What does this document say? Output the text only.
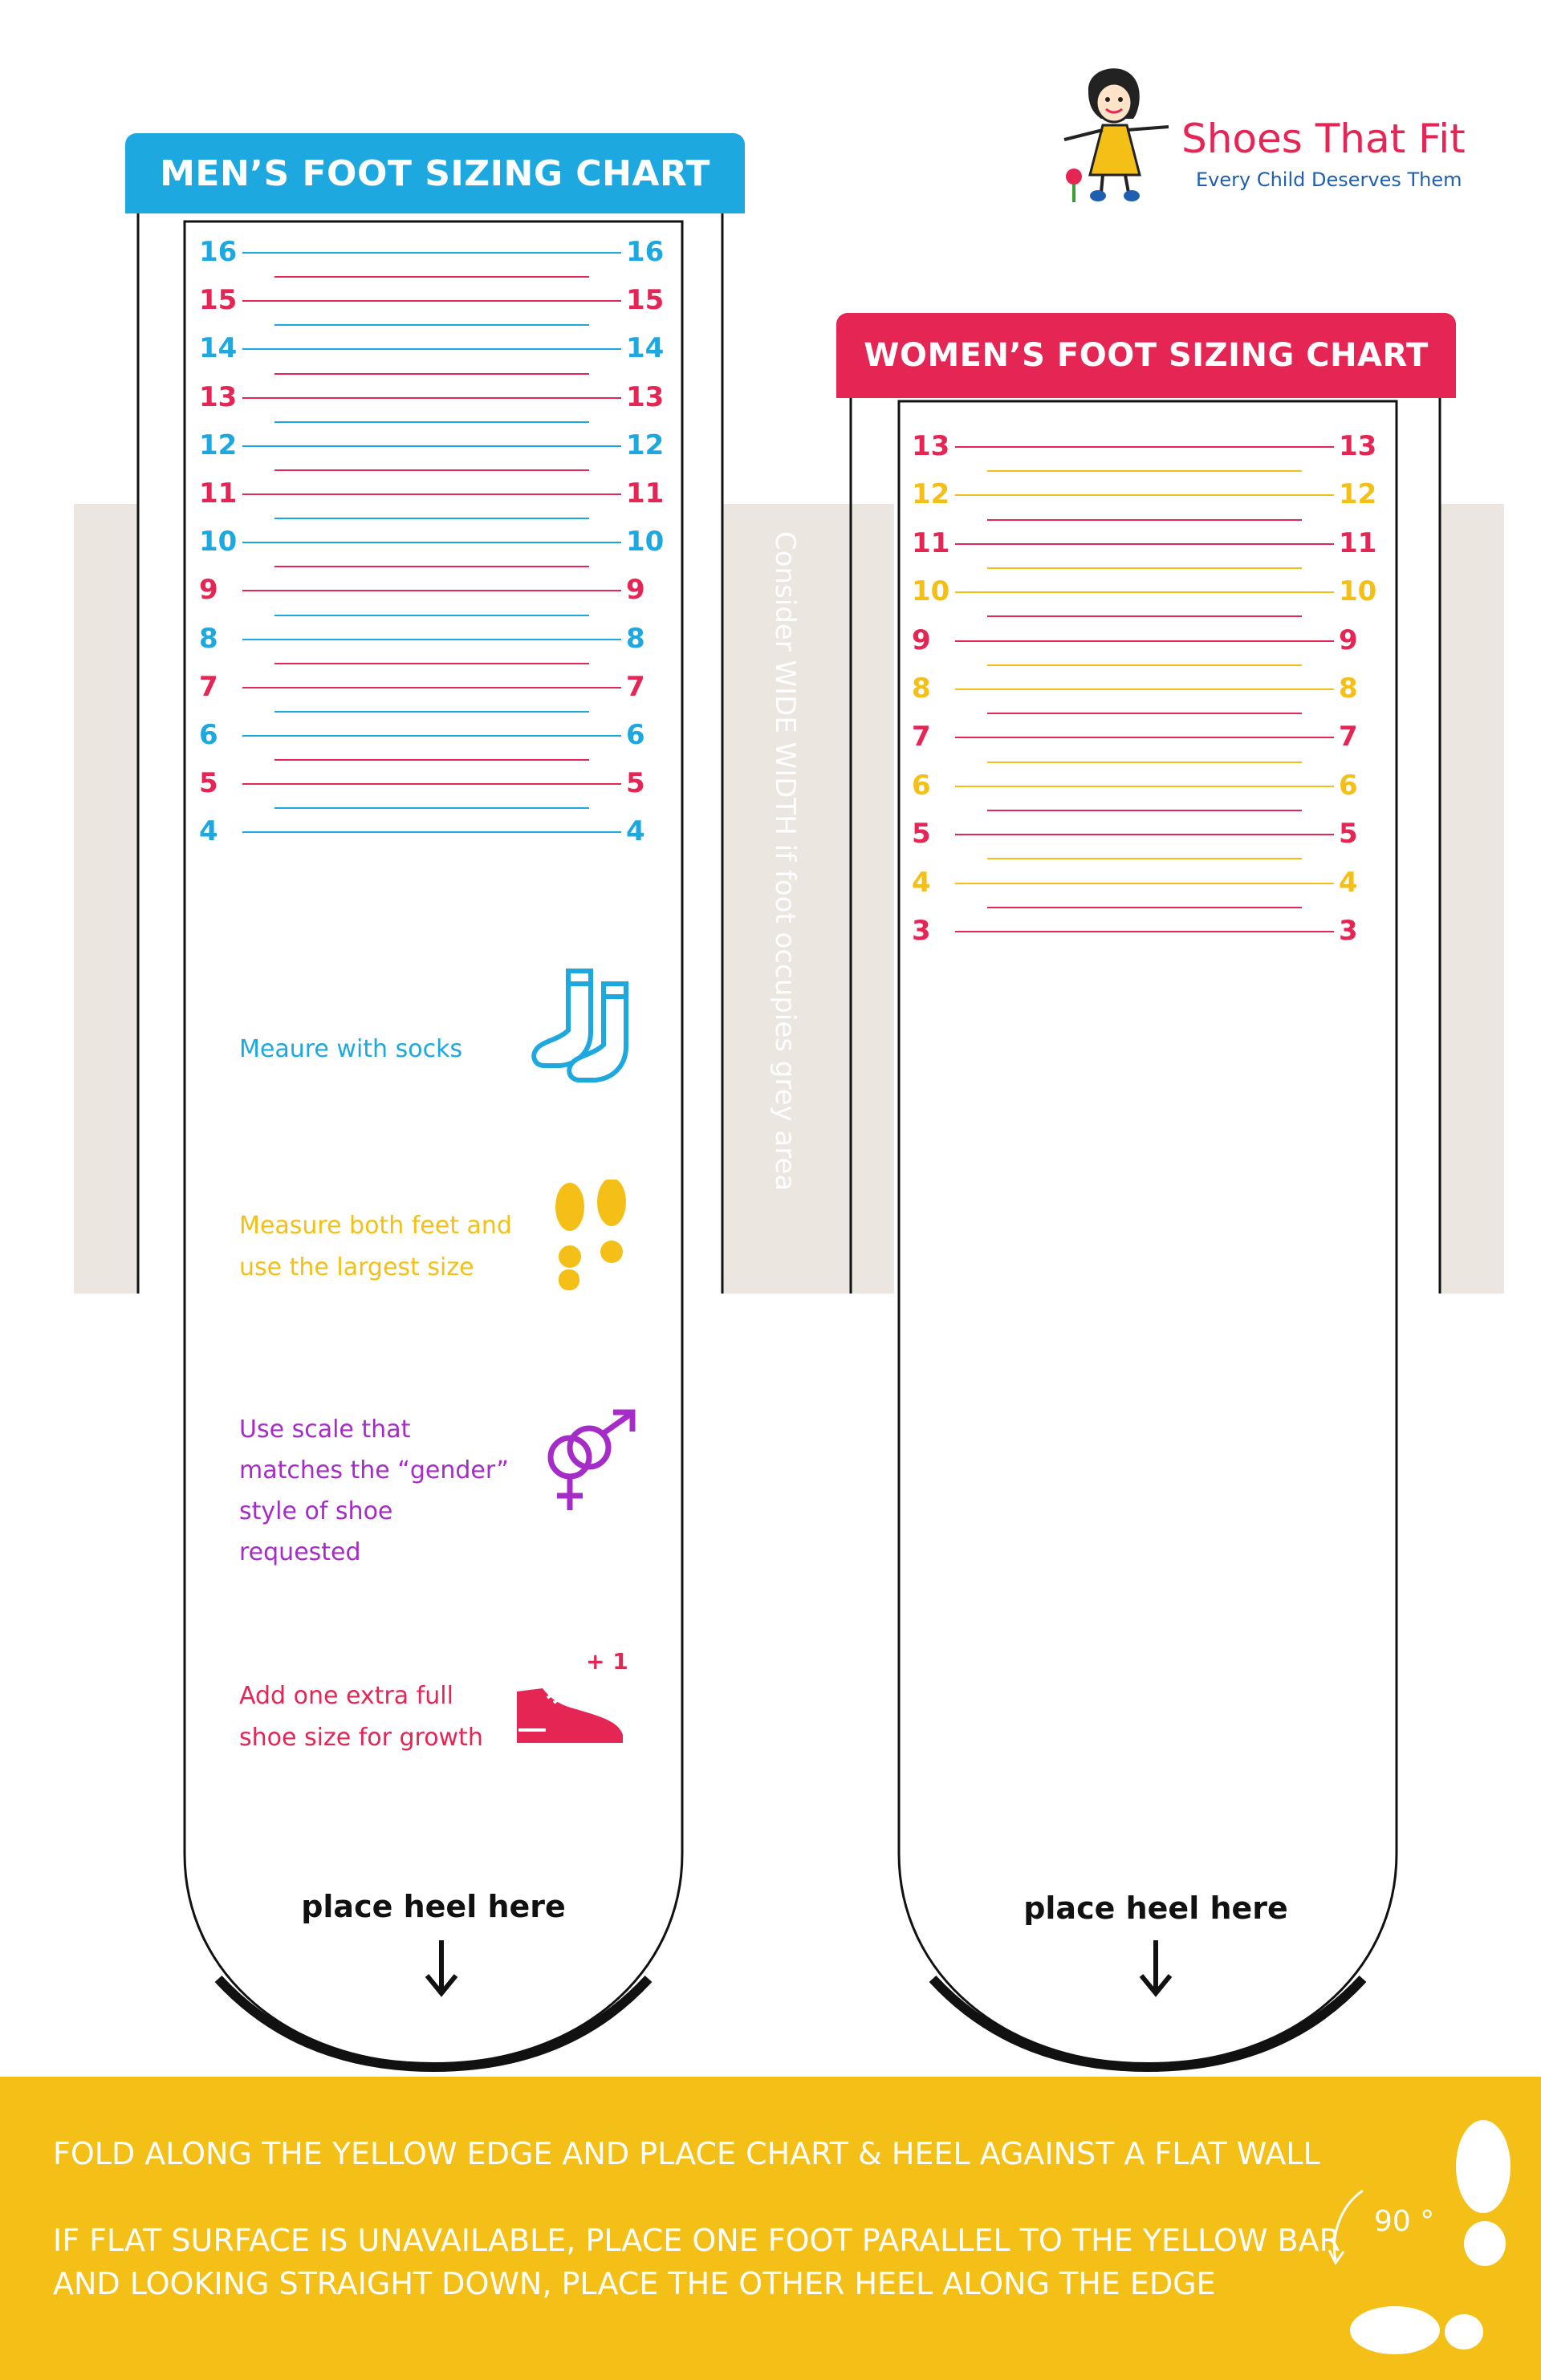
MEN’S FOOT SIZING CHART
WOMEN’S FOOT SIZING CHART
16	16
15	15
14	14
13	13
12	12
11	11
10	10
9	9
8	8
7	7
6	6
5	5
4	4
13	13
12	12
11	11
10	10
9	9
8	8
7	7
6	6
5	5
4	4
3	3
Consider WIDE WIDTH if foot occupies grey area
Meaure with socks
Measure both feet and use the largest size
Use scale that matches the “gender” style of shoe requested
Add one extra full shoe size for growth
+ 1
place heel here	place heel here
Shoes That Fit
Every Child Deserves Them
FOLD ALONG THE YELLOW EDGE AND PLACE CHART & HEEL AGAINST A FLAT WALL
IF FLAT SURFACE IS UNAVAILABLE, PLACE ONE FOOT PARALLEL TO THE YELLOW BAR
AND LOOKING STRAIGHT DOWN, PLACE THE OTHER HEEL ALONG THE EDGE
90 °
